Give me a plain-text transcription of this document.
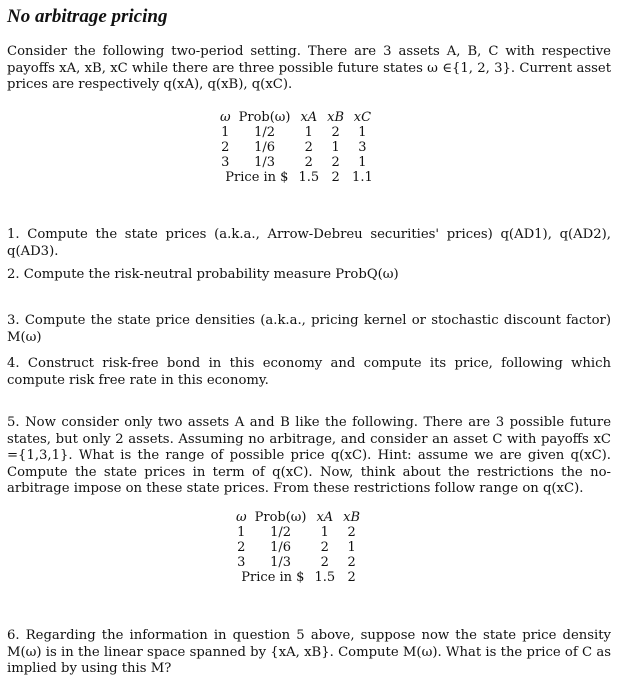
No arbitrage pricing

Consider the following two-period setting. There are 3 assets A, B, C with respective payoffs xA, xB, xC while there are three possible future states ω ∈{1, 2, 3}. Current asset prices are respectively q(xA), q(xB), q(xC).

ω	Prob(ω)	xA	xB	xC
1	1/2	1	2	1
2	1/6	2	1	3
3	1/3	2	2	1
Price in $		1.5	2	1.1

1. Compute the state prices (a.k.a., Arrow-Debreu securities' prices) q(AD1), q(AD2), q(AD3).

2. Compute the risk-neutral probability measure ProbQ(ω)

3. Compute the state price densities (a.k.a., pricing kernel or stochastic discount factor) M(ω)

4. Construct risk-free bond in this economy and compute its price, following which compute risk free rate in this economy.

5. Now consider only two assets A and B like the following. There are 3 possible future states, but only 2 assets. Assuming no arbitrage, and consider an asset C with payoffs xC ={1,3,1}. What is the range of possible price q(xC). Hint: assume we are given q(xC). Compute the state prices in term of q(xC). Now, think about the restrictions the no-arbitrage impose on these state prices. From these restrictions follow range on q(xC).

ω	Prob(ω)	xA	xB
1	1/2	1	2
2	1/6	2	1
3	1/3	2	2
Price in $		1.5	2

6. Regarding the information in question 5 above, suppose now the state price density M(ω) is in the linear space spanned by {xA, xB}. Compute M(ω). What is the price of C as implied by using this M?
